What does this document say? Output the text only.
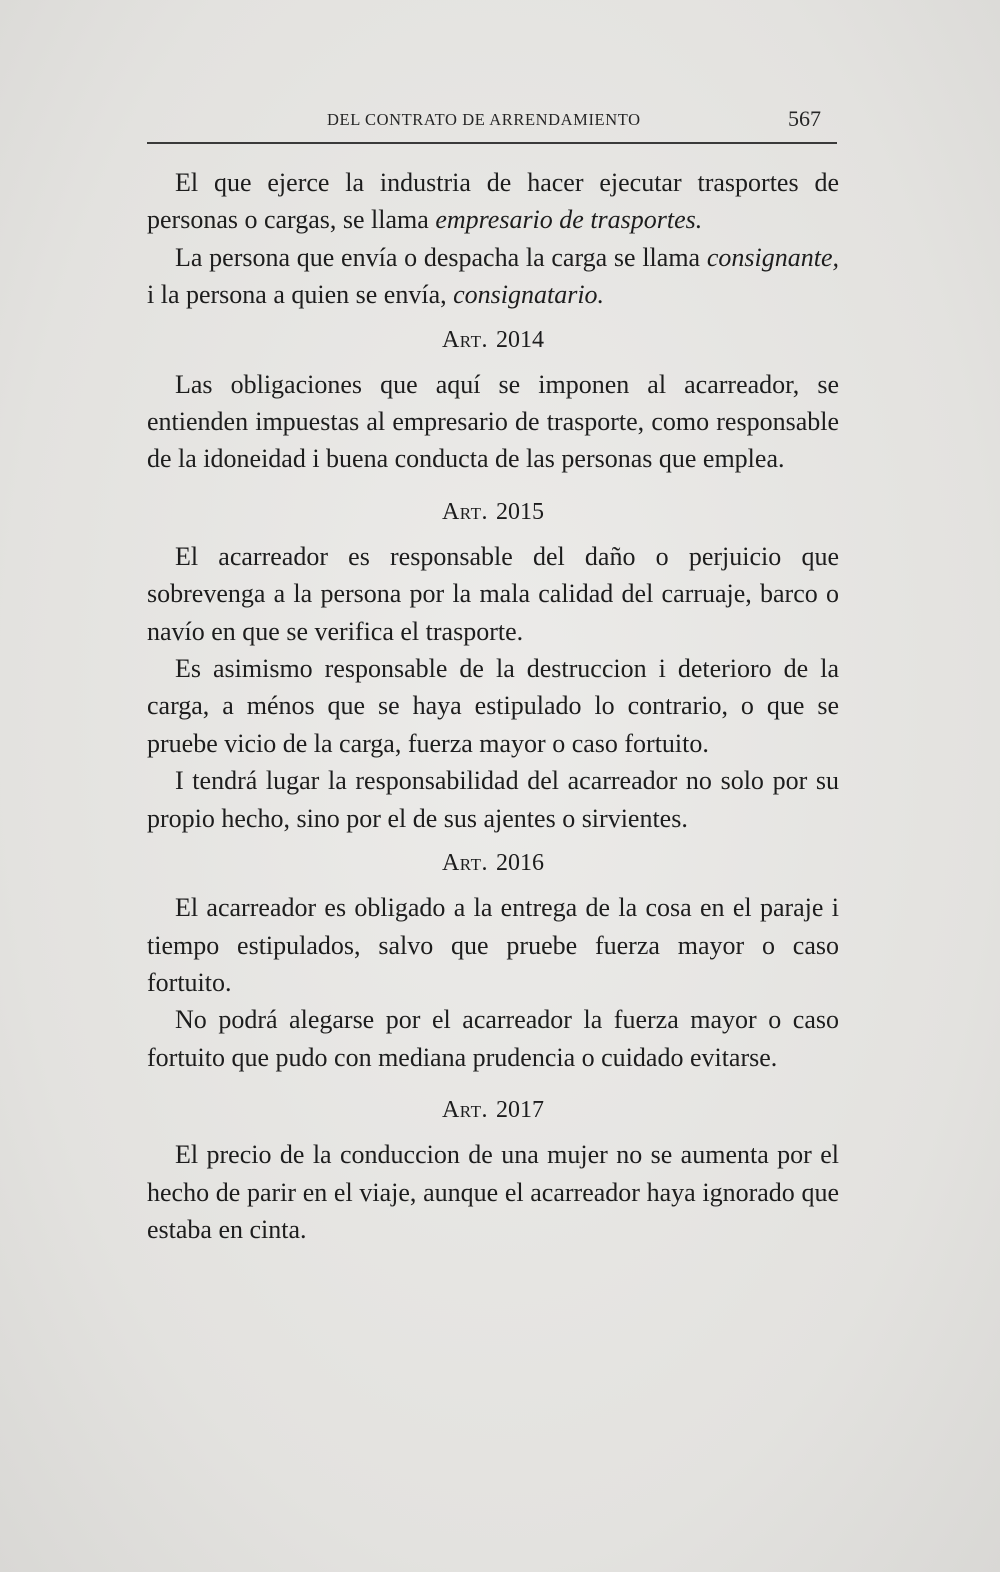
DEL CONTRATO DE ARRENDAMIENTO	567

El que ejerce la industria de hacer ejecutar trasportes de personas o cargas, se llama empresario de trasportes.

La persona que envía o despacha la carga se llama consignante, i la persona a quien se envía, consignatario.

Art. 2014

Las obligaciones que aquí se imponen al acarreador, se entienden impuestas al empresario de trasporte, como responsable de la idoneidad i buena conducta de las personas que emplea.

Art. 2015

El acarreador es responsable del daño o perjuicio que sobrevenga a la persona por la mala calidad del carruaje, barco o navío en que se verifica el trasporte.

Es asimismo responsable de la destruccion i deterioro de la carga, a ménos que se haya estipulado lo contrario, o que se pruebe vicio de la carga, fuerza mayor o caso fortuito.

I tendrá lugar la responsabilidad del acarreador no solo por su propio hecho, sino por el de sus ajentes o sirvientes.

Art. 2016

El acarreador es obligado a la entrega de la cosa en el paraje i tiempo estipulados, salvo que pruebe fuerza mayor o caso fortuito.

No podrá alegarse por el acarreador la fuerza mayor o caso fortuito que pudo con mediana prudencia o cuidado evitarse.

Art. 2017

El precio de la conduccion de una mujer no se aumenta por el hecho de parir en el viaje, aunque el acarreador haya ignorado que estaba en cinta.
